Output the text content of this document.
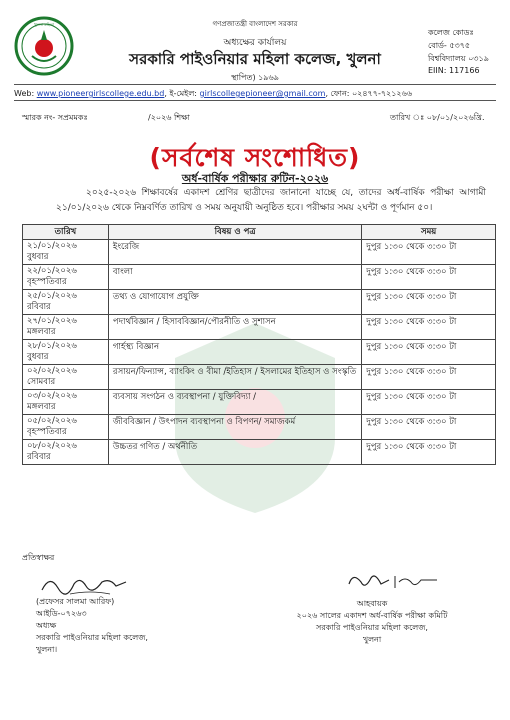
খুলনা মহিলা	গণপ্রজাতন্ত্রী বাংলাদেশ সরকার
অধ্যক্ষের কার্যালয়
সরকারি পাইওনিয়ার মহিলা কলেজ, খুলনা
স্থাপিত) ১৯৬৯
কলেজ কোডঃ
বোর্ড- ৫৩৭৫
বিশ্ববিদ্যালয় ০৩১৯
EIIN: 117166
Web: www.pioneergirlscollege.edu.bd, ই-মেইল: girlscollegepioneer@gmail.com, ফোন: ০২৪৭৭-৭২১২৬৬
স্মারক নং- সপ্রমমকঃ	/২০২৬ শিক্ষা	তারিখ ঃ ০৮/০১/২০২৬খ্রি.
(সর্বশেষ সংশোধিত)
অর্ধ-বার্ষিক পরীক্ষার রুটিন-২০২৬
২০২৫-২০২৬ শিক্ষাবর্ষের একাদশ শ্রেণির ছাত্রীদের জানানো যাচ্ছে যে, তাদের অর্ধ-বার্ষিক পরীক্ষা আগামী ২১/০১/২০২৬ থেকে নিম্নবর্ণিত তারিখ ও সময় অনুযায়ী অনুষ্ঠিত হবে। পরীক্ষার সময় ২ঘন্টা ও পূর্ণমান ৫০।
তারিখ	বিষয় ও পত্র	সময়

২১/০১/২০২৬
বুধবার	ইংরেজি	দুপুর ১:৩০ থেকে ৩:৩০ টা

২২/০১/২০২৬
বৃহস্পতিবার	বাংলা	দুপুর ১:৩০ থেকে ৩:৩০ টা

২৫/০১/২০২৬
রবিবার	তথ্য ও যোগাযোগ প্রযুক্তি	দুপুর ১:৩০ থেকে ৩:৩০ টা

২৭/০১/২০২৬
মঙ্গলবার	পদার্থবিজ্ঞান / হিসাববিজ্ঞান/পৌরনীতি ও সুশাসন	দুপুর ১:৩০ থেকে ৩:৩০ টা

২৮/০১/২০২৬
বুধবার	গার্হস্থ্য বিজ্ঞান	দুপুর ১:৩০ থেকে ৩:৩০ টা

০২/০২/২০২৬
সোমবার	রসায়ন/ফিন্যান্স, ব্যাংকিং ও বীমা /ইতিহাস / ইসলামের ইতিহাস ও সংস্কৃতি	দুপুর ১:৩০ থেকে ৩:৩০ টা

০৩/০২/২০২৬
মঙ্গলবার	ব্যবসায় সংগঠন ও ব্যবস্থাপনা / যুক্তিবিদ্যা /	দুপুর ১:৩০ থেকে ৩:৩০ টা

০৫/০২/২০২৬
বৃহস্পতিবার	জীববিজ্ঞান / উৎপাদন ব্যবস্থাপনা ও বিপণন/ সমাজকর্ম	দুপুর ১:৩০ থেকে ৩:৩০ টা

০৮/০২/২০২৬
রবিবার	উচ্চতর গণিত / অর্থনীতি	দুপুর ১:৩০ থেকে ৩:৩০ টা
প্রতিস্বাক্ষর
(প্রফেসর সালমা আরিফ)
আইডি-০৭২৬৩
অধ্যক্ষ
সরকারি পাইওনিয়ার মহিলা কলেজ,
খুলনা।
আহবায়ক
২০২৬ সালের একাদশ অর্ধ-বার্ষিক পরীক্ষা কমিটি
সরকারি পাইওনিয়ার মহিলা কলেজ,
খুলনা
